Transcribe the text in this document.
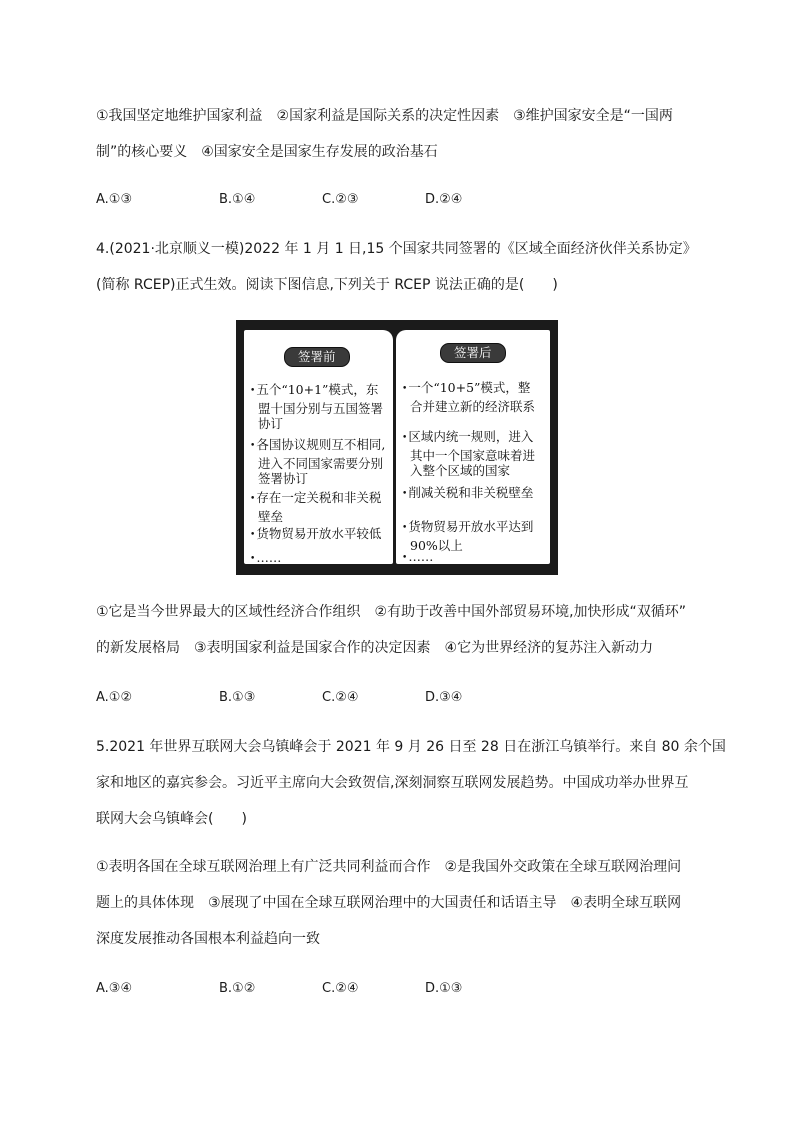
①我国坚定地维护国家利益　②国家利益是国际关系的决定性因素　③维护国家安全是“一国两
制”的核心要义　④国家安全是国家生存发展的政治基石
A.①③	B.①④	C.②③	D.②④
4.(2021·北京顺义一模)2022 年 1 月 1 日,15 个国家共同签署的《区域全面经济伙伴关系协定》
(简称 RCEP)正式生效。阅读下图信息,下列关于 RCEP 说法正确的是(　　)
签署前
• 五个“10+1”模式，东
盟十国分别与五国签署
协订
• 各国协议规则互不相同,
进入不同国家需要分别
签署协订
• 存在一定关税和非关税
壁垒
• 货物贸易开放水平较低
• ……
签署后
• 一个“10+5”模式，整
合并建立新的经济联系
• 区域内统一规则，进入
其中一个国家意味着进
入整个区域的国家
• 削减关税和非关税壁垒
• 货物贸易开放水平达到
90%以上
• ……
①它是当今世界最大的区域性经济合作组织　②有助于改善中国外部贸易环境,加快形成“双循环”
的新发展格局　③表明国家利益是国家合作的决定因素　④它为世界经济的复苏注入新动力
A.①②	B.①③	C.②④	D.③④
5.2021 年世界互联网大会乌镇峰会于 2021 年 9 月 26 日至 28 日在浙江乌镇举行。来自 80 余个国
家和地区的嘉宾参会。习近平主席向大会致贺信,深刻洞察互联网发展趋势。中国成功举办世界互
联网大会乌镇峰会(　　)
①表明各国在全球互联网治理上有广泛共同利益而合作　②是我国外交政策在全球互联网治理问
题上的具体体现　③展现了中国在全球互联网治理中的大国责任和话语主导　④表明全球互联网
深度发展推动各国根本利益趋向一致
A.③④	B.①②	C.②④	D.①③
